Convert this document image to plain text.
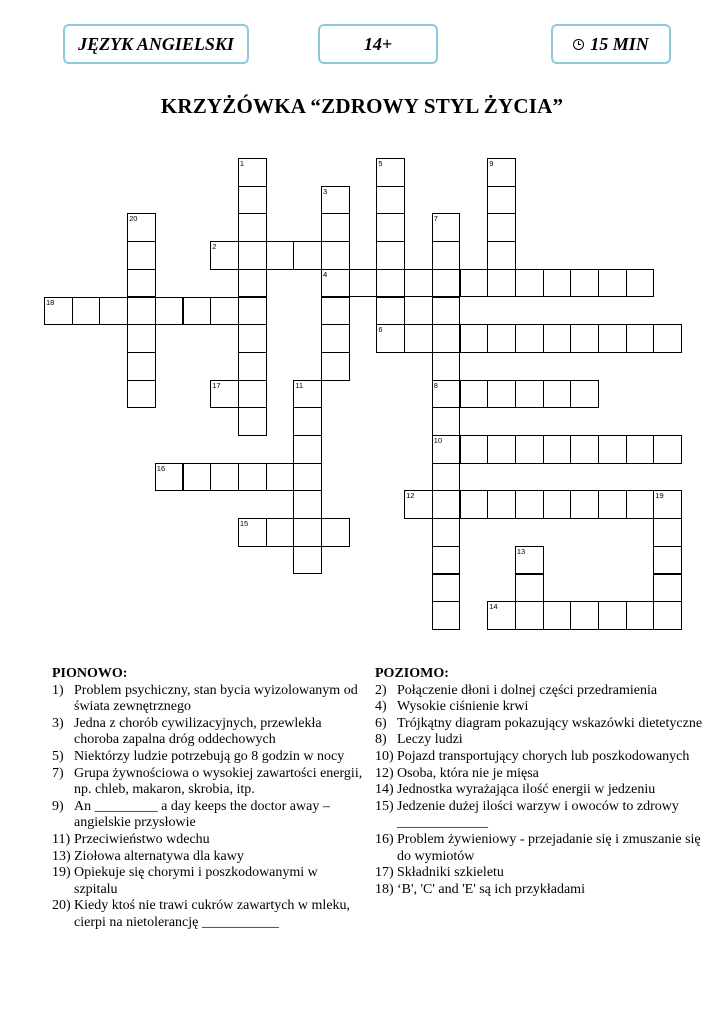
JĘZYK ANGIELSKI	14+	15 MIN
KRZYŻÓWKA “ZDROWY STYL ŻYCIA”
1
2
3
4
5
6
7
8
10
9
11
12	19
13
14
15
16
17
18
20
PIONOWO:
1) Problem psychiczny, stan bycia wyizolowanym od świata zewnętrznego
3) Jedna z chorób cywilizacyjnych, przewlekła choroba zapalna dróg oddechowych
5) Niektórzy ludzie potrzebują go 8 godzin w nocy
7) Grupa żywnościowa o wysokiej zawartości energii, np. chleb, makaron, skrobia, itp.
9) An _________ a day keeps the doctor away – angielskie przysłowie
11) Przeciwieństwo wdechu
13) Ziołowa alternatywa dla kawy
19) Opiekuje się chorymi i poszkodowanymi w szpitalu
20) Kiedy ktoś nie trawi cukrów zawartych w mleku, cierpi na nietolerancję ___________
POZIOMO:
2) Połączenie dłoni i dolnej części przedramienia
4) Wysokie ciśnienie krwi
6) Trójkątny diagram pokazujący wskazówki dietetyczne
8) Leczy ludzi
10) Pojazd transportujący chorych lub poszkodowanych
12) Osoba, która nie je mięsa
14) Jednostka wyrażająca ilość energii w jedzeniu
15) Jedzenie dużej ilości warzyw i owoców to zdrowy _____________
16) Problem żywieniowy - przejadanie się i zmuszanie się do wymiotów
17) Składniki szkieletu
18) ‘B', 'C' and 'E' są ich przykładami
